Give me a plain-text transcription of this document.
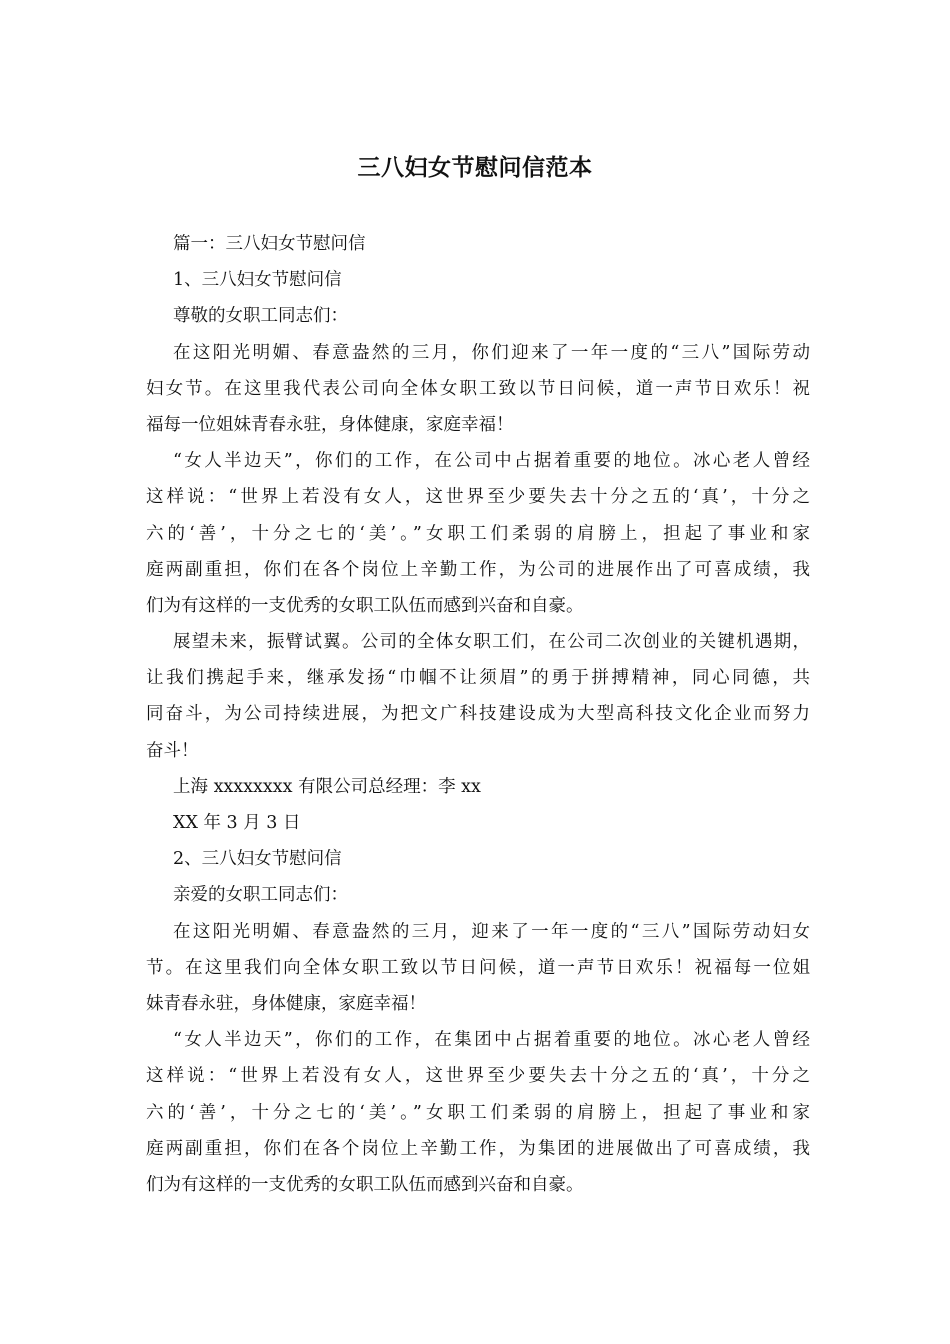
三八妇女节慰问信范本
篇一：三八妇女节慰问信
1、三八妇女节慰问信
尊敬的女职工同志们：
在这阳光明媚、春意盎然的三月，你们迎来了一年一度的“三八”国际劳动
妇女节。在这里我代表公司向全体女职工致以节日问候，道一声节日欢乐！祝
福每一位姐妹青春永驻，身体健康，家庭幸福！
“女人半边天”，你们的工作，在公司中占据着重要的地位。冰心老人曾经
这样说：“世界上若没有女人，这世界至少要失去十分之五的‘真’，十分之
六的‘善’，十分之七的‘美’。”女职工们柔弱的肩膀上，担起了事业和家
庭两副重担，你们在各个岗位上辛勤工作，为公司的进展作出了可喜成绩，我
们为有这样的一支优秀的女职工队伍而感到兴奋和自豪。
展望未来，振臂试翼。公司的全体女职工们，在公司二次创业的关键机遇期，
让我们携起手来，继承发扬“巾帼不让须眉”的勇于拼搏精神，同心同德，共
同奋斗，为公司持续进展，为把文广科技建设成为大型高科技文化企业而努力
奋斗！
上海 xxxxxxxx 有限公司总经理：李 xx
XX 年 3 月 3 日
2、三八妇女节慰问信
亲爱的女职工同志们：
在这阳光明媚、春意盎然的三月，迎来了一年一度的“三八”国际劳动妇女
节。在这里我们向全体女职工致以节日问候，道一声节日欢乐！祝福每一位姐
妹青春永驻，身体健康，家庭幸福！
“女人半边天”，你们的工作，在集团中占据着重要的地位。冰心老人曾经
这样说：“世界上若没有女人，这世界至少要失去十分之五的‘真’，十分之
六的‘善’，十分之七的‘美’。”女职工们柔弱的肩膀上，担起了事业和家
庭两副重担，你们在各个岗位上辛勤工作，为集团的进展做出了可喜成绩，我
们为有这样的一支优秀的女职工队伍而感到兴奋和自豪。
